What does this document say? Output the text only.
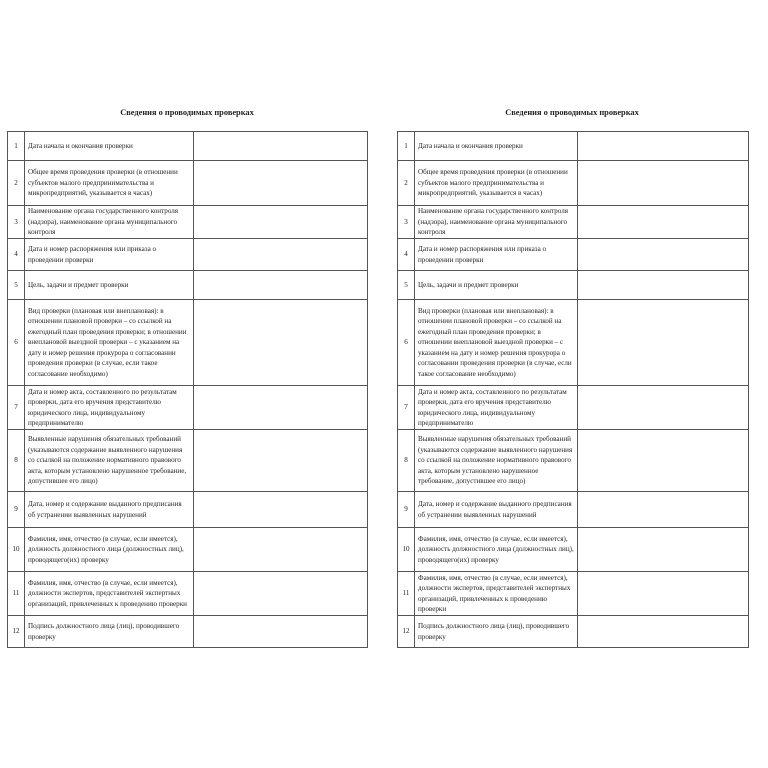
Сведения о проводимых проверках
1	Дата начала и окончания проверки	
2	Общее время проведения проверки (в отношении субъектов малого предпринимательства и микропредприятий, указывается в часах)	
3	Наименование органа государственного контроля (надзора), наименование органа муниципального контроля	
4	Дата и номер распоряжения или приказа о проведении проверки	
5	Цель, задачи и предмет проверки	
6	Вид проверки (плановая или внеплановая): в отношении плановой проверки – со ссылкой на ежегодный план проведения проверки; в отношении внеплановой выездной проверки – с указанием на дату и номер решения прокурора о согласовании проведения проверки (в случае, если такое согласование необходимо)	
7	Дата и номер акта, составленного по результатам проверки, дата его вручения представителю юридического лица, индивидуальному предпринимателю	
8	Выявленные нарушения обязательных требований (указываются содержание выявленного нарушения со ссылкой на положение нормативного правового акта, которым установлено нарушенное требование, допустившее его лицо)	
9	Дата, номер и содержание выданного предписания об устранении выявленных нарушений	
10	Фамилия, имя, отчество (в случае, если имеется), должность должностного лица (должностных лиц), проводящего(их) проверку	
11	Фамилия, имя, отчество (в случае, если имеется), должности экспертов, представителей экспертных организаций, привлеченных к проведению проверки	
12	Подпись должностного лица (лиц), проводившего проверку	
Сведения о проводимых проверках
1	Дата начала и окончания проверки	
2	Общее время проведения проверки (в отношении субъектов малого предпринимательства и микропредприятий, указывается в часах)	
3	Наименование органа государственного контроля (надзора), наименование органа муниципального контроля	
4	Дата и номер распоряжения или приказа о проведении проверки	
5	Цель, задачи и предмет проверки	
6	Вид проверки (плановая или внеплановая): в отношении плановой проверки – со ссылкой на ежегодный план проведения проверки; в отношении внеплановой выездной проверки – с указанием на дату и номер решения прокурора о согласовании проведения проверки (в случае, если такое согласование необходимо)	
7	Дата и номер акта, составленного по результатам проверки, дата его вручения представителю юридического лица, индивидуальному предпринимателю	
8	Выявленные нарушения обязательных требований (указываются содержание выявленного нарушения со ссылкой на положение нормативного правового акта, которым установлено нарушенное требование, допустившее его лицо)	
9	Дата, номер и содержание выданного предписания об устранении выявленных нарушений	
10	Фамилия, имя, отчество (в случае, если имеется), должность должностного лица (должностных лиц), проводящего(их) проверку	
11	Фамилия, имя, отчество (в случае, если имеется), должности экспертов, представителей экспертных организаций, привлеченных к проведению проверки	
12	Подпись должностного лица (лиц), проводившего проверку	
